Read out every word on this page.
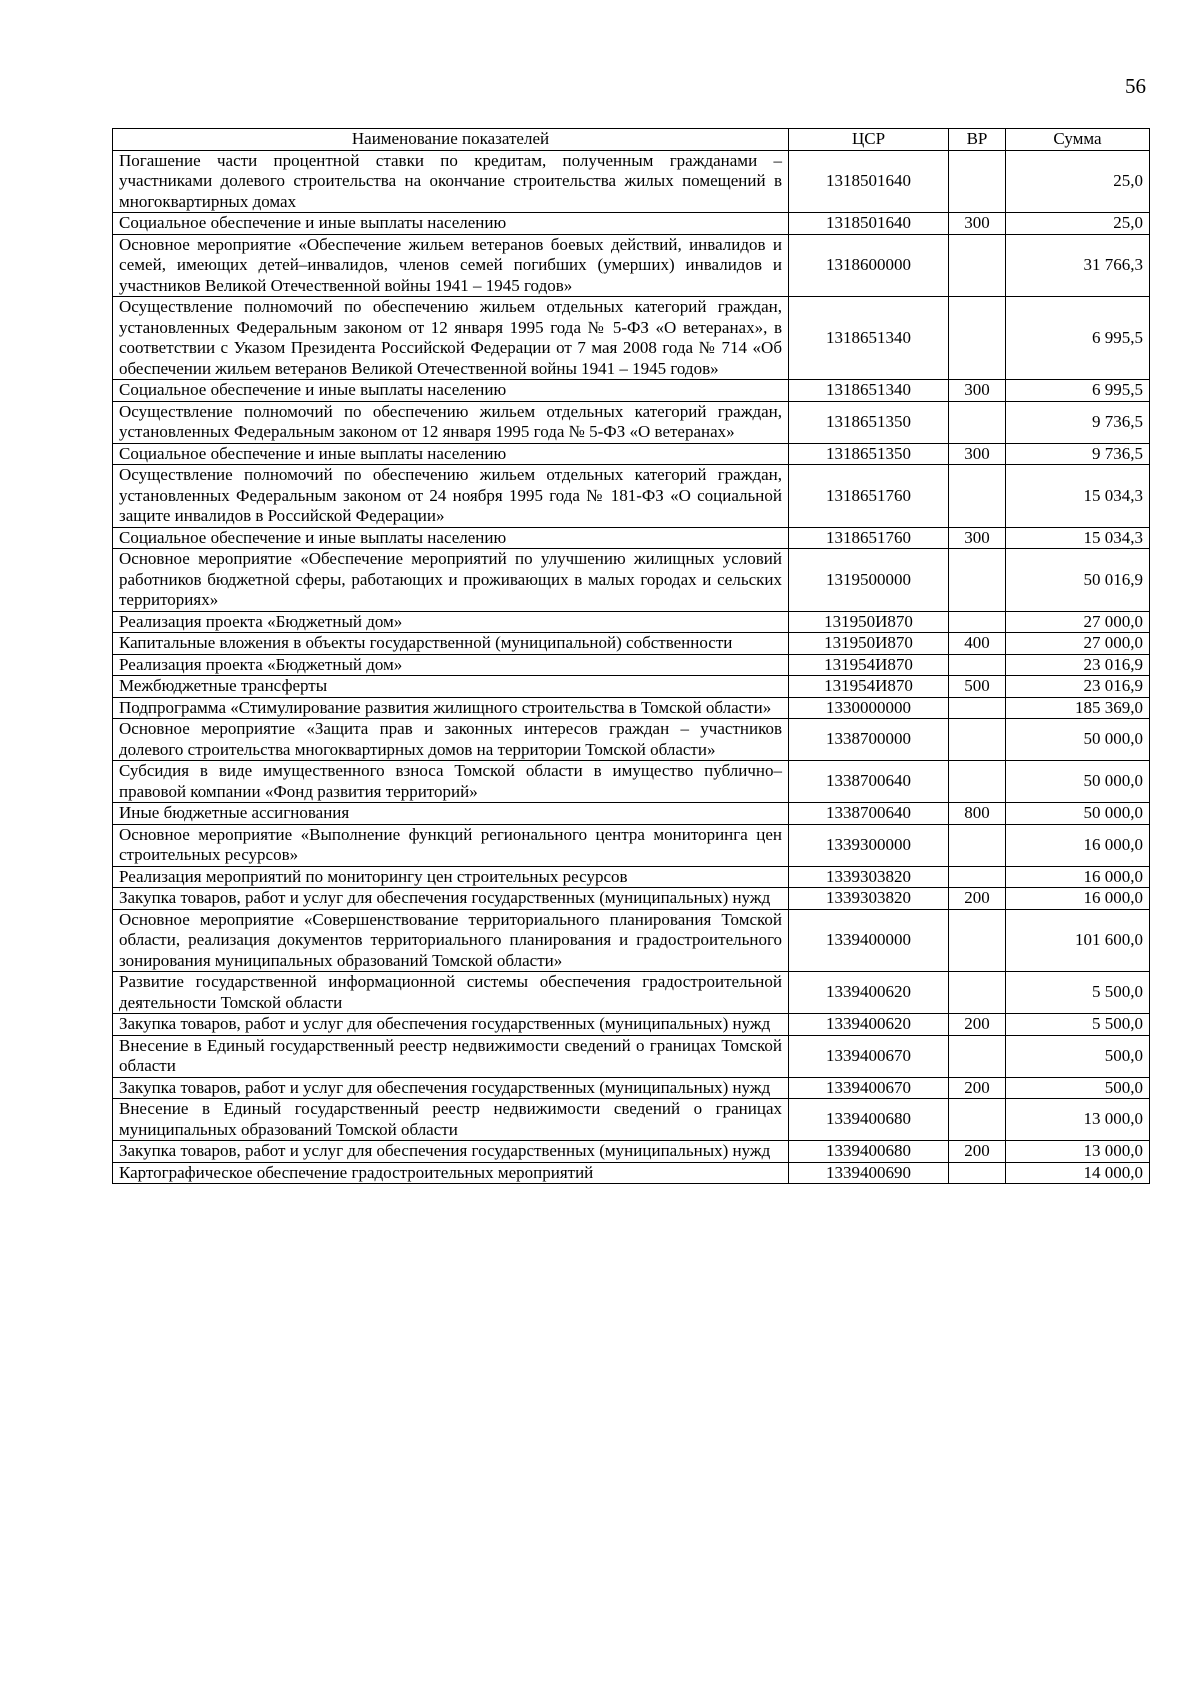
56
Наименование показателей	ЦСР	ВР	Сумма
Погашение части процентной ставки по кредитам, полученным гражданами – участниками долевого строительства на окончание строительства жилых помещений в многоквартирных домах	1318501640		25,0
Социальное обеспечение и иные выплаты населению	1318501640	300	25,0
Основное мероприятие «Обеспечение жильем ветеранов боевых действий, инвалидов и семей, имеющих детей–инвалидов, членов семей погибших (умерших) инвалидов и участников Великой Отечественной войны 1941 – 1945 годов»	1318600000		31 766,3
Осуществление полномочий по обеспечению жильем отдельных категорий граждан, установленных Федеральным законом от 12 января 1995 года № 5-ФЗ «О ветеранах», в соответствии с Указом Президента Российской Федерации от 7 мая 2008 года № 714 «Об обеспечении жильем ветеранов Великой Отечественной войны 1941 – 1945 годов»	1318651340		6 995,5
Социальное обеспечение и иные выплаты населению	1318651340	300	6 995,5
Осуществление полномочий по обеспечению жильем отдельных категорий граждан, установленных Федеральным законом от 12 января 1995 года № 5-ФЗ «О ветеранах»	1318651350		9 736,5
Социальное обеспечение и иные выплаты населению	1318651350	300	9 736,5
Осуществление полномочий по обеспечению жильем отдельных категорий граждан, установленных Федеральным законом от 24 ноября 1995 года № 181-ФЗ «О социальной защите инвалидов в Российской Федерации»	1318651760		15 034,3
Социальное обеспечение и иные выплаты населению	1318651760	300	15 034,3
Основное мероприятие «Обеспечение мероприятий по улучшению жилищных условий работников бюджетной сферы, работающих и проживающих в малых городах и сельских территориях»	1319500000		50 016,9
Реализация проекта «Бюджетный дом»	131950И870		27 000,0
Капитальные вложения в объекты государственной (муниципальной) собственности	131950И870	400	27 000,0
Реализация проекта «Бюджетный дом»	131954И870		23 016,9
Межбюджетные трансферты	131954И870	500	23 016,9
Подпрограмма «Стимулирование развития жилищного строительства в Томской области»	1330000000		185 369,0
Основное мероприятие «Защита прав и законных интересов граждан – участников долевого строительства многоквартирных домов на территории Томской области»	1338700000		50 000,0
Субсидия в виде имущественного взноса Томской области в имущество публично–правовой компании «Фонд развития территорий»	1338700640		50 000,0
Иные бюджетные ассигнования	1338700640	800	50 000,0
Основное мероприятие «Выполнение функций регионального центра мониторинга цен строительных ресурсов»	1339300000		16 000,0
Реализация мероприятий по мониторингу цен строительных ресурсов	1339303820		16 000,0
Закупка товаров, работ и услуг для обеспечения государственных (муниципальных) нужд	1339303820	200	16 000,0
Основное мероприятие «Совершенствование территориального планирования Томской области, реализация документов территориального планирования и градостроительного зонирования муниципальных образований Томской области»	1339400000		101 600,0
Развитие государственной информационной системы обеспечения градостроительной деятельности Томской области	1339400620		5 500,0
Закупка товаров, работ и услуг для обеспечения государственных (муниципальных) нужд	1339400620	200	5 500,0
Внесение в Единый государственный реестр недвижимости сведений о границах Томской области	1339400670		500,0
Закупка товаров, работ и услуг для обеспечения государственных (муниципальных) нужд	1339400670	200	500,0
Внесение в Единый государственный реестр недвижимости сведений о границах муниципальных образований Томской области	1339400680		13 000,0
Закупка товаров, работ и услуг для обеспечения государственных (муниципальных) нужд	1339400680	200	13 000,0
Картографическое обеспечение градостроительных мероприятий	1339400690		14 000,0
